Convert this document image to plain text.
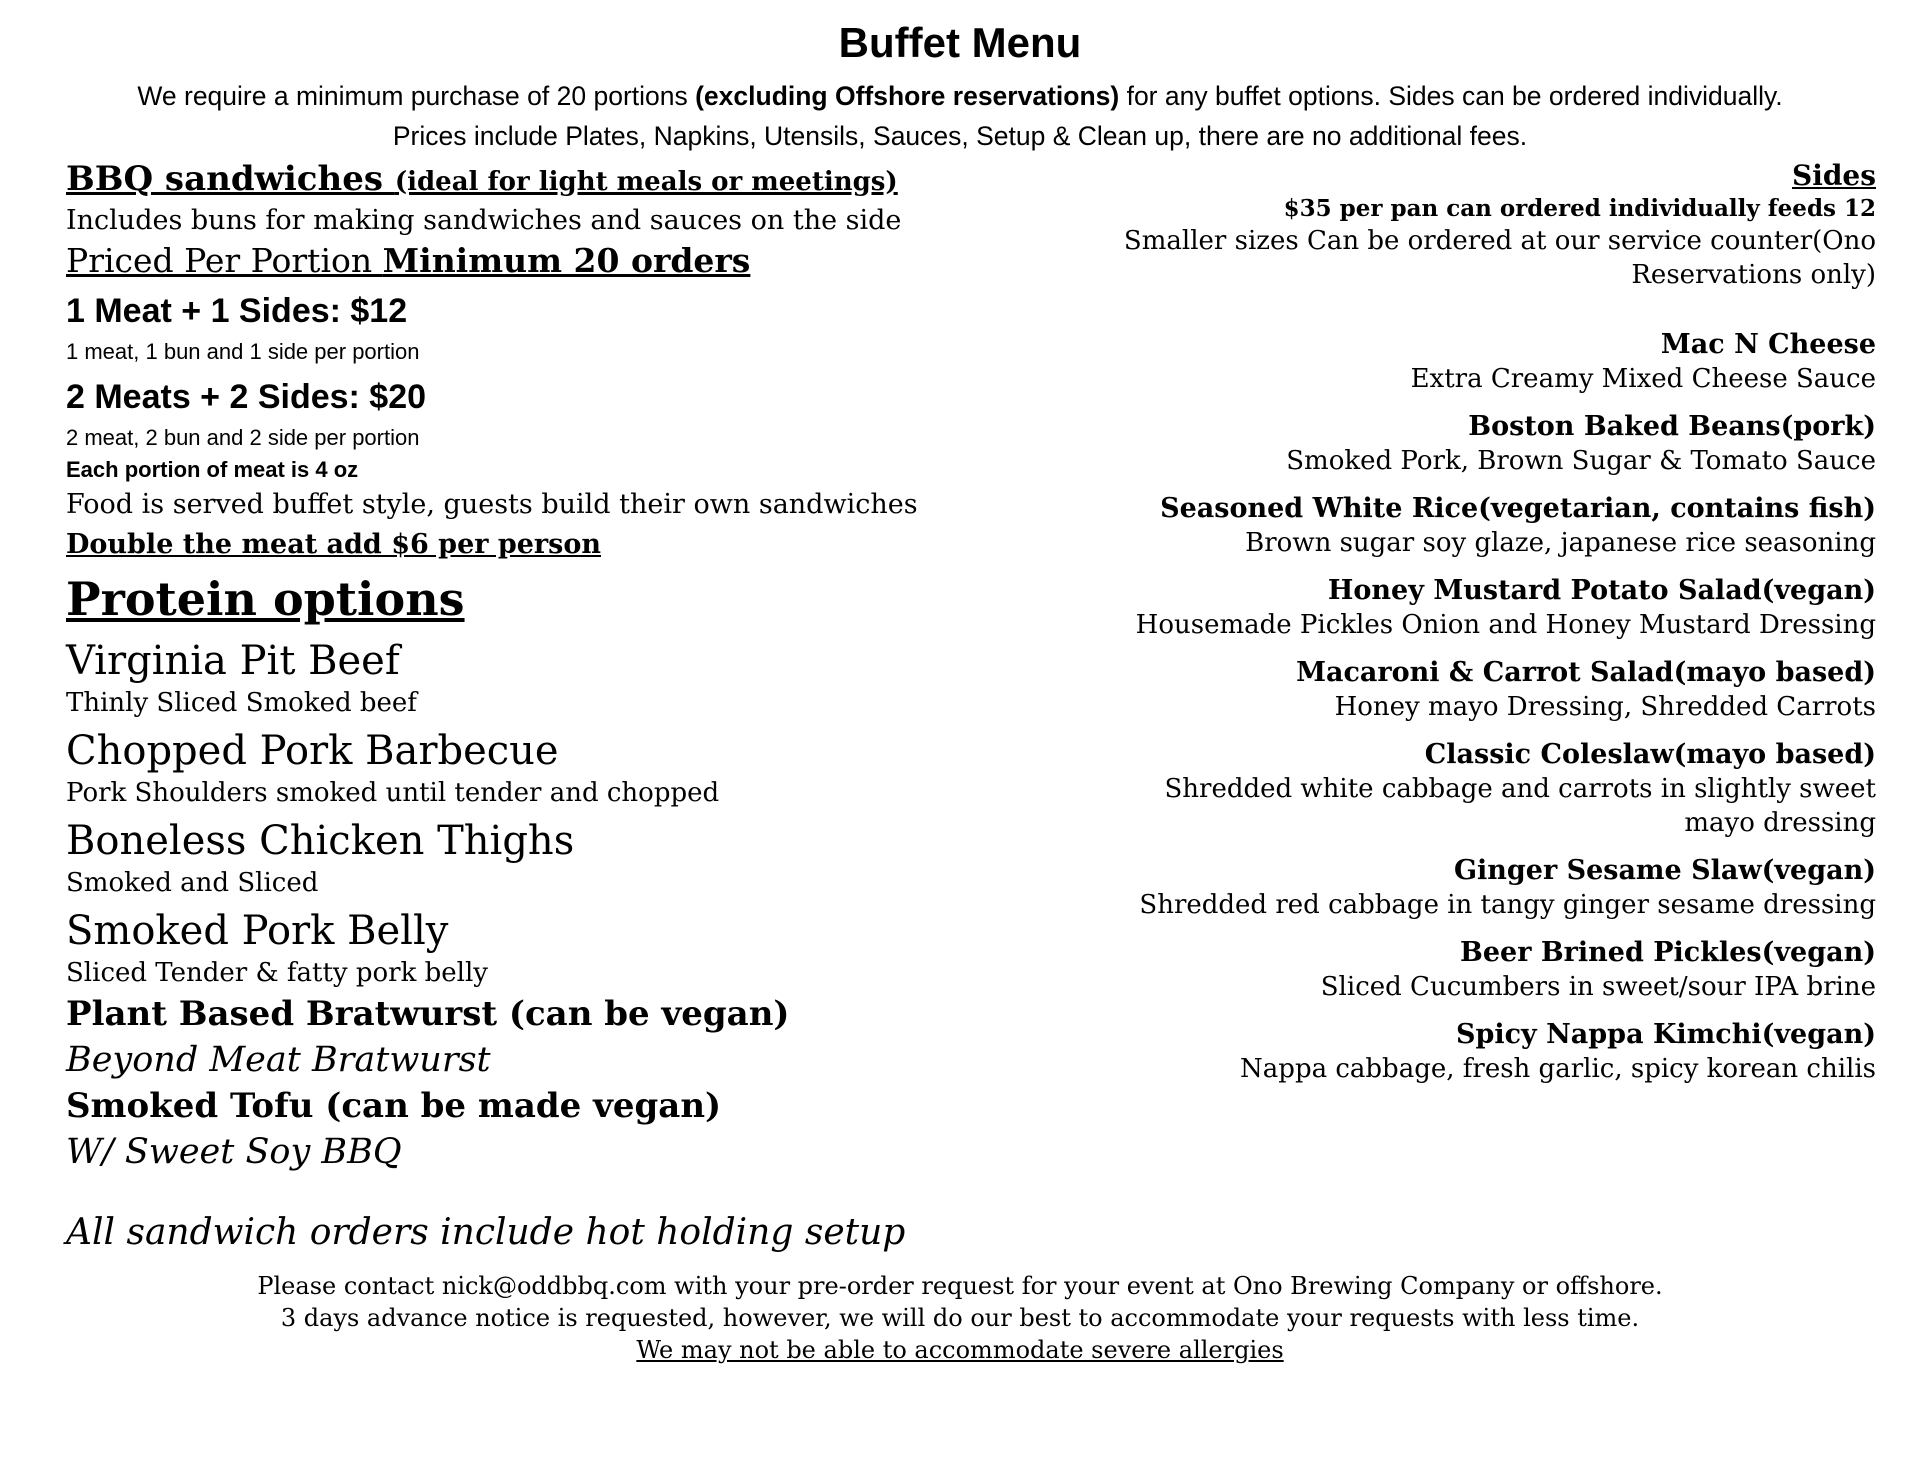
Buffet Menu
We require a minimum purchase of 20 portions (excluding Offshore reservations) for any buffet options. Sides can be ordered individually. Prices include Plates, Napkins, Utensils, Sauces, Setup & Clean up, there are no additional fees.
BBQ sandwiches (ideal for light meals or meetings)
Includes buns for making sandwiches and sauces on the side
Priced Per Portion Minimum 20 orders
1 Meat + 1 Sides: $12
1 meat, 1 bun and 1 side per portion
2 Meats + 2 Sides: $20
2 meat, 2 bun and 2 side per portion
Each portion of meat is 4 oz
Food is served buffet style, guests build their own sandwiches
Double the meat add $6 per person
Protein options
Virginia Pit Beef
Thinly Sliced Smoked beef
Chopped Pork Barbecue
Pork Shoulders smoked until tender and chopped
Boneless Chicken Thighs
Smoked and Sliced
Smoked Pork Belly
Sliced Tender & fatty pork belly
Plant Based Bratwurst (can be vegan)
Beyond Meat Bratwurst
Smoked Tofu (can be made vegan)
W/ Sweet Soy BBQ
All sandwich orders include hot holding setup
Sides
$35 per pan can ordered individually feeds 12
Smaller sizes Can be ordered at our service counter(Ono Reservations only)
Mac N Cheese
Extra Creamy Mixed Cheese Sauce
Boston Baked Beans(pork)
Smoked Pork, Brown Sugar & Tomato Sauce
Seasoned White Rice(vegetarian, contains fish)
Brown sugar soy glaze, japanese rice seasoning
Honey Mustard Potato Salad(vegan)
Housemade Pickles Onion and Honey Mustard Dressing
Macaroni & Carrot Salad(mayo based)
Honey mayo Dressing, Shredded Carrots
Classic Coleslaw(mayo based)
Shredded white cabbage and carrots in slightly sweet mayo dressing
Ginger Sesame Slaw(vegan)
Shredded red cabbage in tangy ginger sesame dressing
Beer Brined Pickles(vegan)
Sliced Cucumbers in sweet/sour IPA brine
Spicy Nappa Kimchi(vegan)
Nappa cabbage, fresh garlic, spicy korean chilis
Please contact nick@oddbbq.com with your pre-order request for your event at Ono Brewing Company or offshore.
3 days advance notice is requested, however, we will do our best to accommodate your requests with less time.
We may not be able to accommodate severe allergies
